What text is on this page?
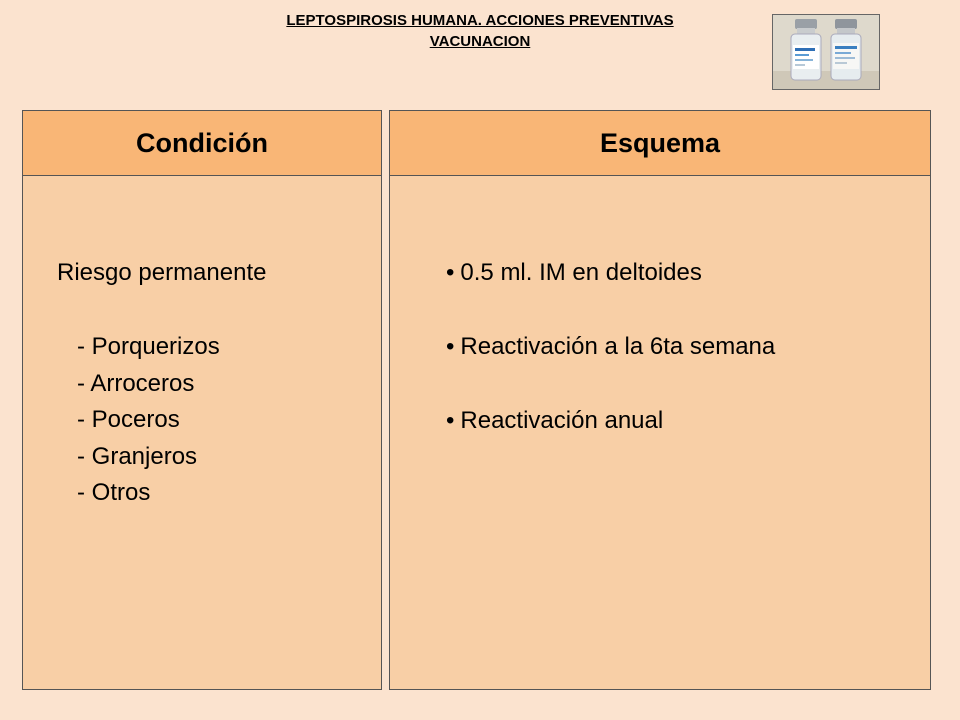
LEPTOSPIROSIS HUMANA. ACCIONES PREVENTIVAS
VACUNACION
Condición
Riesgo permanente
- Porquerizos
- Arroceros
- Poceros
- Granjeros
- Otros
Esquema
• 0.5 ml. IM en deltoides
• Reactivación a la 6ta semana
• Reactivación anual
